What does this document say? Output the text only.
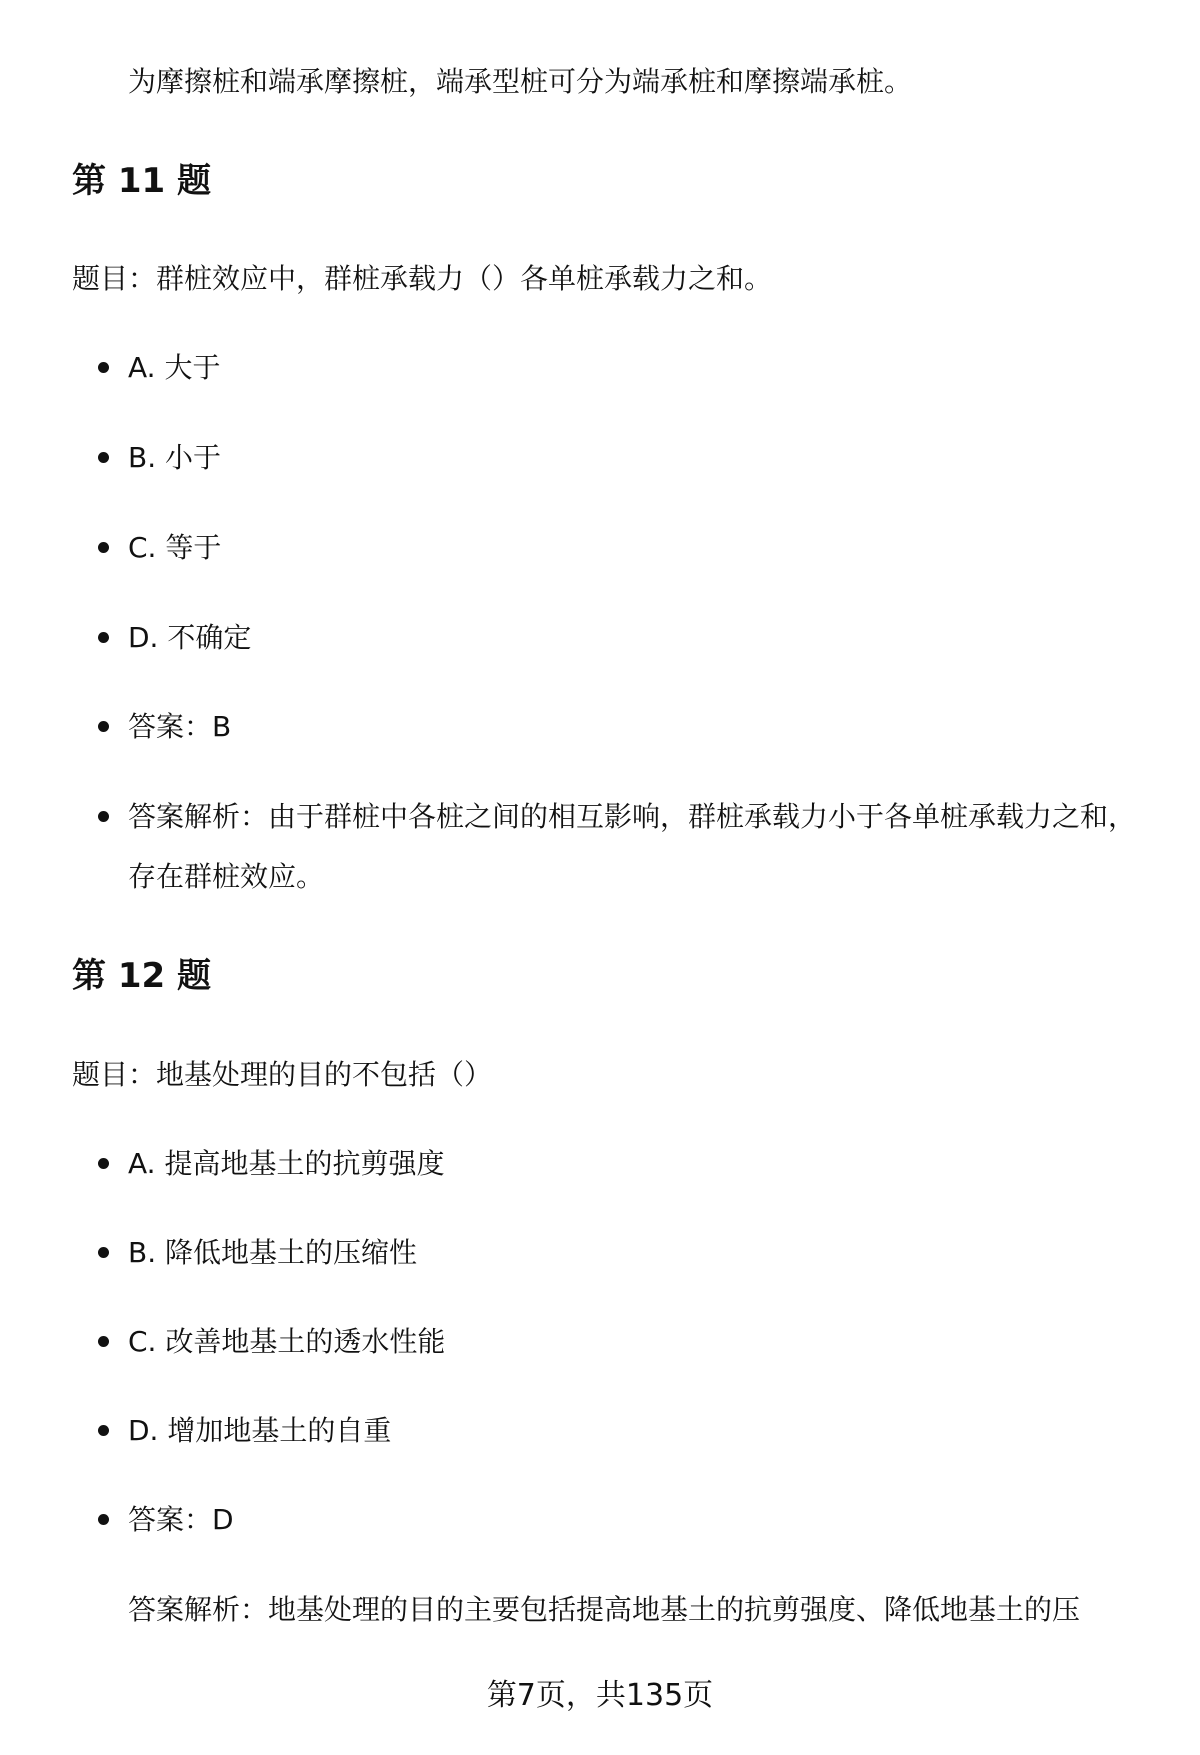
为摩擦桩和端承摩擦桩，端承型桩可分为端承桩和摩擦端承桩。
第 11 题
题目：群桩效应中，群桩承载力（）各单桩承载力之和。
A. 大于
B. 小于
C. 等于
D. 不确定
答案：B
答案解析：由于群桩中各桩之间的相互影响，群桩承载力小于各单桩承载力之和，存在群桩效应。
第 12 题
题目：地基处理的目的不包括（）
A. 提高地基土的抗剪强度
B. 降低地基土的压缩性
C. 改善地基土的透水性能
D. 增加地基土的自重
答案：D
答案解析：地基处理的目的主要包括提高地基土的抗剪强度、降低地基土的压
第7页，共135页
